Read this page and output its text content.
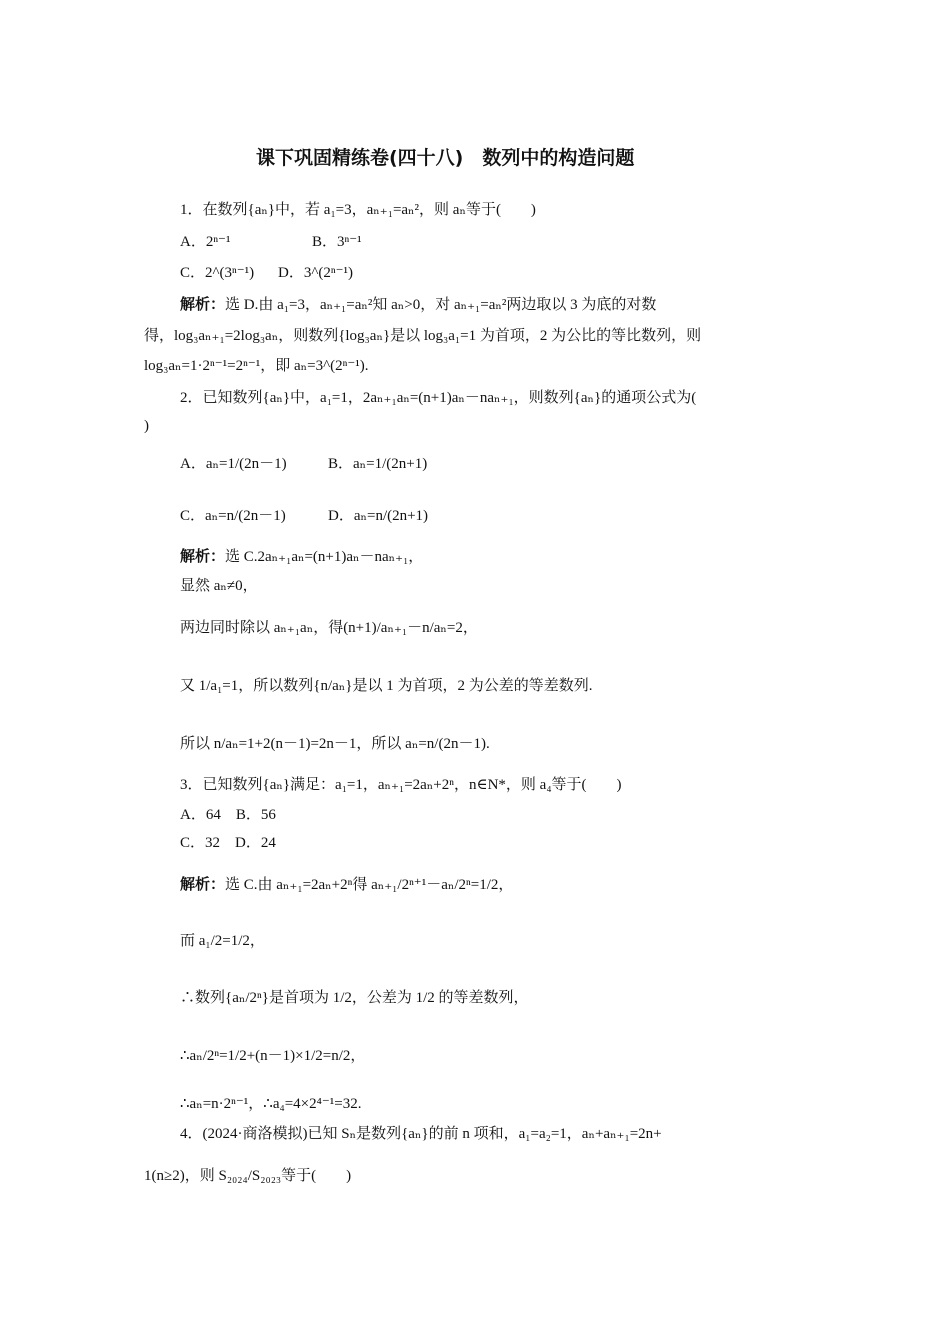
课下巩固精练卷(四十八)　数列中的构造问题
1．在数列{aₙ}中，若 a₁=3，aₙ₊₁=aₙ²，则 aₙ等于(　　)
A．2ⁿ⁻¹	B．3ⁿ⁻¹
C．2^(3ⁿ⁻¹) D．3^(2ⁿ⁻¹)
解析：选 D.由 a₁=3，aₙ₊₁=aₙ²知 aₙ>0，对 aₙ₊₁=aₙ²两边取以 3 为底的对数
得，log₃aₙ₊₁=2log₃aₙ，则数列{log₃aₙ}是以 log₃a₁=1 为首项，2 为公比的等比数列，则
log₃aₙ=1·2ⁿ⁻¹=2ⁿ⁻¹，即 aₙ=3^(2ⁿ⁻¹).
2．已知数列{aₙ}中，a₁=1，2aₙ₊₁aₙ=(n+1)aₙ－naₙ₊₁，则数列{aₙ}的通项公式为(
)
A．aₙ=1/(2n－1)	B．aₙ=1/(2n+1)
C．aₙ=n/(2n－1)	D．aₙ=n/(2n+1)
解析：选 C.2aₙ₊₁aₙ=(n+1)aₙ－naₙ₊₁，
显然 aₙ≠0，
两边同时除以 aₙ₊₁aₙ，得(n+1)/aₙ₊₁－n/aₙ=2，
又 1/a₁=1，所以数列{n/aₙ}是以 1 为首项，2 为公差的等差数列.
所以 n/aₙ=1+2(n－1)=2n－1，所以 aₙ=n/(2n－1).
3．已知数列{aₙ}满足：a₁=1，aₙ₊₁=2aₙ+2ⁿ，n∈N*，则 a₄等于(　　)
A．64　B．56
C．32　D．24
解析：选 C.由 aₙ₊₁=2aₙ+2ⁿ得 aₙ₊₁/2ⁿ⁺¹－aₙ/2ⁿ=1/2，
而 a₁/2=1/2，
∴数列{aₙ/2ⁿ}是首项为 1/2，公差为 1/2 的等差数列，
∴aₙ/2ⁿ=1/2+(n－1)×1/2=n/2，
∴aₙ=n·2ⁿ⁻¹，∴a₄=4×2⁴⁻¹=32.
4．(2024·商洛模拟)已知 Sₙ是数列{aₙ}的前 n 项和，a₁=a₂=1，aₙ+aₙ₊₁=2n+
1(n≥2)，则 S₂₀₂₄/S₂₀₂₃等于(　　)
